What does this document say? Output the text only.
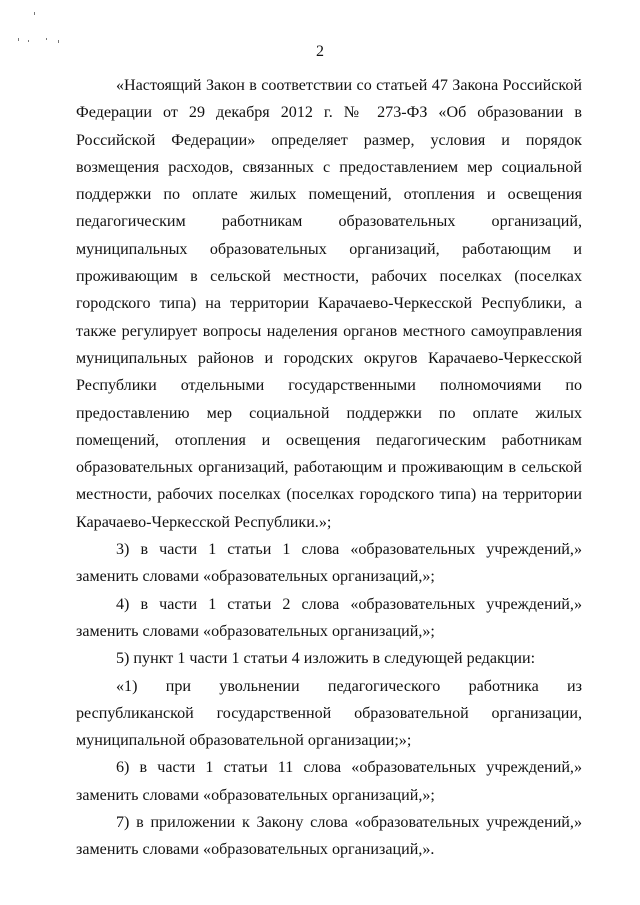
2

«Настоящий Закон в соответствии со статьей 47 Закона Российской Федерации от 29 декабря 2012 г. № 273-ФЗ «Об образовании в Российской Федерации» определяет размер, условия и порядок возмещения расходов, связанных с предоставлением мер социальной поддержки по оплате жилых помещений, отопления и освещения педагогическим работникам образовательных организаций, муниципальных образовательных организаций, работающим и проживающим в сельской местности, рабочих поселках (поселках городского типа) на территории Карачаево-Черкесской Республики, а также регулирует вопросы наделения органов местного самоуправления муниципальных районов и городских округов Карачаево-Черкесской Республики отдельными государственными полномочиями по предоставлению мер социальной поддержки по оплате жилых помещений, отопления и освещения педагогическим работникам образовательных организаций, работающим и проживающим в сельской местности, рабочих поселках (поселках городского типа) на территории Карачаево-Черкесской Республики.»;

3) в части 1 статьи 1 слова «образовательных учреждений,» заменить словами «образовательных организаций,»;

4) в части 1 статьи 2 слова «образовательных учреждений,» заменить словами «образовательных организаций,»;

5) пункт 1 части 1 статьи 4 изложить в следующей редакции:

«1) при увольнении педагогического работника из республиканской государственной образовательной организации, муниципальной образовательной организации;»;

6) в части 1 статьи 11 слова «образовательных учреждений,» заменить словами «образовательных организаций,»;

7) в приложении к Закону слова «образовательных учреждений,» заменить словами «образовательных организаций,».
